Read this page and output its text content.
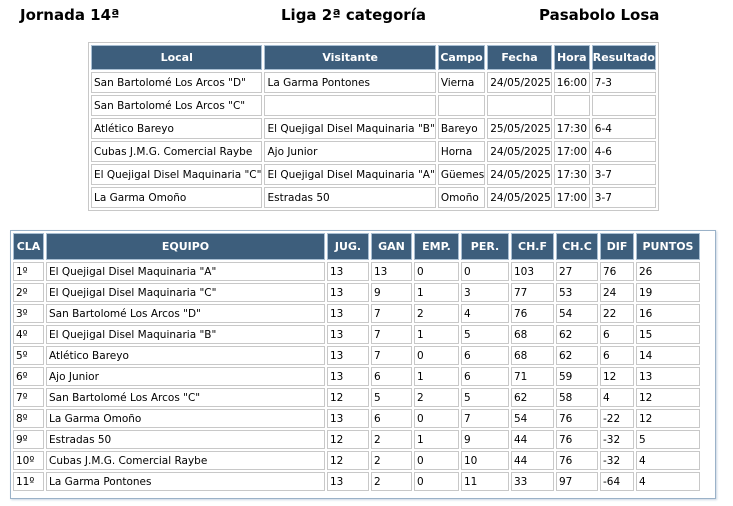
Jornada 14ª	Liga 2ª categoría	Pasabolo Losa
Local	Visitante	Campo	Fecha	Hora	Resultado
San Bartolomé Los Arcos "D"	La Garma Pontones	Vierna	24/05/2025	16:00	7-3
San Bartolomé Los Arcos "C"					
Atlético Bareyo	El Quejigal Disel Maquinaria "B"	Bareyo	25/05/2025	17:30	6-4
Cubas J.M.G. Comercial Raybe	Ajo Junior	Horna	24/05/2025	17:00	4-6
El Quejigal Disel Maquinaria "C"	El Quejigal Disel Maquinaria "A"	Güemes	24/05/2025	17:30	3-7
La Garma Omoño	Estradas 50	Omoño	24/05/2025	17:00	3-7
CLA	EQUIPO	JUG.	GAN	EMP.	PER.	CH.F	CH.C	DIF	PUNTOS
1º	El Quejigal Disel Maquinaria "A"	13	13	0	0	103	27	76	26
2º	El Quejigal Disel Maquinaria "C"	13	9	1	3	77	53	24	19
3º	San Bartolomé Los Arcos "D"	13	7	2	4	76	54	22	16
4º	El Quejigal Disel Maquinaria "B"	13	7	1	5	68	62	6	15
5º	Atlético Bareyo	13	7	0	6	68	62	6	14
6º	Ajo Junior	13	6	1	6	71	59	12	13
7º	San Bartolomé Los Arcos "C"	12	5	2	5	62	58	4	12
8º	La Garma Omoño	13	6	0	7	54	76	-22	12
9º	Estradas 50	12	2	1	9	44	76	-32	5
10º	Cubas J.M.G. Comercial Raybe	12	2	0	10	44	76	-32	4
11º	La Garma Pontones	13	2	0	11	33	97	-64	4
